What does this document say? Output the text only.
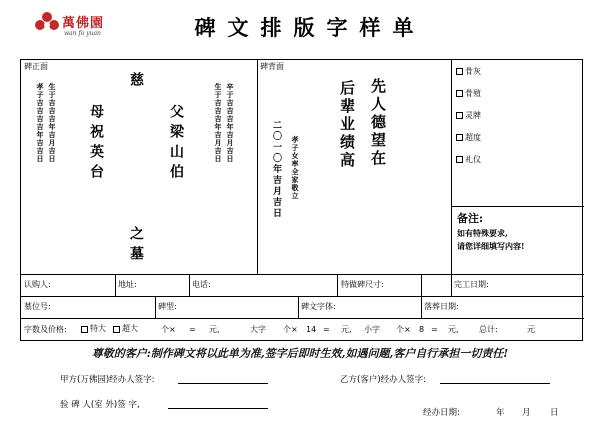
萬佛園
wan fo yuan	碑文排版字样单
碑正面
慈
父梁山伯
母祝英台
之墓
孝子吉吉吉吉年吉吉日 生于吉吉吉年吉月吉日	生于吉吉吉年吉月吉日 卒于吉吉吉年吉月吉日
碑背面
先人德望在
后辈业绩高
二〇一〇年吉月吉日 孝子女率全家敬立
骨灰
骨殖
灵牌
超度
礼仪
备注:
如有特殊要求,
请您详细填写内容!
认购人:	地址:	电话:	特做碑尺寸:	完工日期:
墓位号:	碑型:	碑文字体:	落葬日期:
字数及价格:	特大 超大	个× = 元,	大字 个× 14 = 元, 小字 个× 8 = 元,	总计:	元
尊敬的客户:制作碑文将以此单为准,签字后即时生效,如遇问题,客户自行承担一切责任!
甲方(万佛园)经办人签字:	乙方(客户)经办人签字:
验 碑 人(室 外)签 字,
经办日期:	年 月 日
